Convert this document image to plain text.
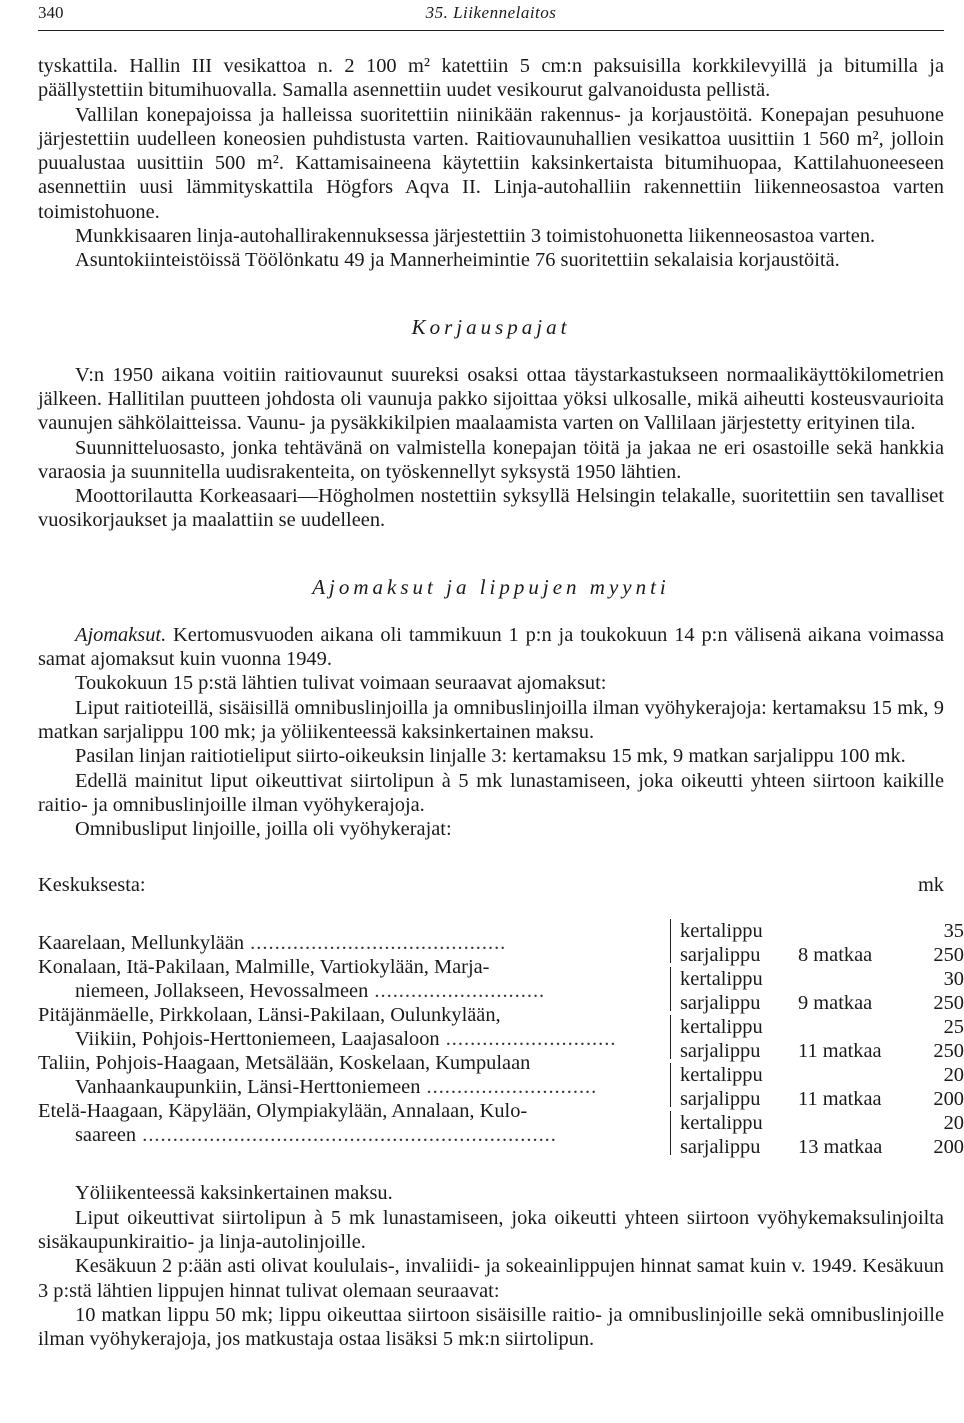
340	35. Liikennelaitos

tyskattila. Hallin III vesikattoa n. 2 100 m² katettiin 5 cm:n paksuisilla korkkilevyillä ja bitumilla ja päällystettiin bitumihuovalla. Samalla asennettiin uudet vesikourut galvanoidusta pellistä.

Vallilan konepajoissa ja halleissa suoritettiin niinikään rakennus- ja korjaustöitä. Konepajan pesuhuone järjestettiin uudelleen koneosien puhdistusta varten. Raitiovaunuhallien vesikattoa uusittiin 1 560 m², jolloin puualustaa uusittiin 500 m². Kattamisaineena käytettiin kaksinkertaista bitumihuopaa, Kattilahuoneeseen asennettiin uusi lämmityskattila Högfors Aqva II. Linja-autohalliin rakennettiin liikenneosastoa varten toimistohuone.

Munkkisaaren linja-autohallirakennuksessa järjestettiin 3 toimistohuonetta liikenneosastoa varten.

Asuntokiinteistöissä Töölönkatu 49 ja Mannerheimintie 76 suoritettiin sekalaisia korjaustöitä.

Korjauspajat

V:n 1950 aikana voitiin raitiovaunut suureksi osaksi ottaa täystarkastukseen normaalikäyttökilometrien jälkeen. Hallitilan puutteen johdosta oli vaunuja pakko sijoittaa yöksi ulkosalle, mikä aiheutti kosteusvaurioita vaunujen sähkölaitteissa. Vaunu- ja pysäkkikilpien maalaamista varten on Vallilaan järjestetty erityinen tila.

Suunnitteluosasto, jonka tehtävänä on valmistella konepajan töitä ja jakaa ne eri osastoille sekä hankkia varaosia ja suunnitella uudisrakenteita, on työskennellyt syksystä 1950 lähtien.

Moottorilautta Korkeasaari—Högholmen nostettiin syksyllä Helsingin telakalle, suoritettiin sen tavalliset vuosikorjaukset ja maalattiin se uudelleen.

Ajomaksut ja lippujen myynti

Ajomaksut. Kertomusvuoden aikana oli tammikuun 1 p:n ja toukokuun 14 p:n välisenä aikana voimassa samat ajomaksut kuin vuonna 1949.

Toukokuun 15 p:stä lähtien tulivat voimaan seuraavat ajomaksut:

Liput raitioteillä, sisäisillä omnibuslinjoilla ja omnibuslinjoilla ilman vyöhykerajoja: kertamaksu 15 mk, 9 matkan sarjalippu 100 mk; ja yöliikenteessä kaksinkertainen maksu.

Pasilan linjan raitiotieliput siirto-oikeuksin linjalle 3: kertamaksu 15 mk, 9 matkan sarjalippu 100 mk.

Edellä mainitut liput oikeuttivat siirtolipun à 5 mk lunastamiseen, joka oikeutti yhteen siirtoon kaikille raitio- ja omnibuslinjoille ilman vyöhykerajoja.

Omnibusliput linjoille, joilla oli vyöhykerajat:

Keskuksesta:	mk
Kaarelaan, Mellunkylään ..........................................
kertalippu	35
sarjalippu 8 matkaa	250
Konalaan, Itä-Pakilaan, Malmille, Vartiokylään, Marja-
niemeen, Jollakseen, Hevossalmeen ............................
kertalippu	30
sarjalippu 9 matkaa	250
Pitäjänmäelle, Pirkkolaan, Länsi-Pakilaan, Oulunkylään,
Viikiin, Pohjois-Herttoniemeen, Laajasaloon ............................
kertalippu	25
sarjalippu 11 matkaa	250
Taliin, Pohjois-Haagaan, Metsälään, Koskelaan, Kumpulaan
Vanhaankaupunkiin, Länsi-Herttoniemeen ............................
kertalippu	20
sarjalippu 11 matkaa	200
Etelä-Haagaan, Käpylään, Olympiakylään, Annalaan, Kulo-
saareen ....................................................................
kertalippu	20
sarjalippu 13 matkaa	200

Yöliikenteessä kaksinkertainen maksu.

Liput oikeuttivat siirtolipun à 5 mk lunastamiseen, joka oikeutti yhteen siirtoon vyöhykemaksulinjoilta sisäkaupunkiraitio- ja linja-autolinjoille.

Kesäkuun 2 p:ään asti olivat koululais-, invaliidi- ja sokeainlippujen hinnat samat kuin v. 1949. Kesäkuun 3 p:stä lähtien lippujen hinnat tulivat olemaan seuraavat:

10 matkan lippu 50 mk; lippu oikeuttaa siirtoon sisäisille raitio- ja omnibuslinjoille sekä omnibuslinjoille ilman vyöhykerajoja, jos matkustaja ostaa lisäksi 5 mk:n siirtolipun.
